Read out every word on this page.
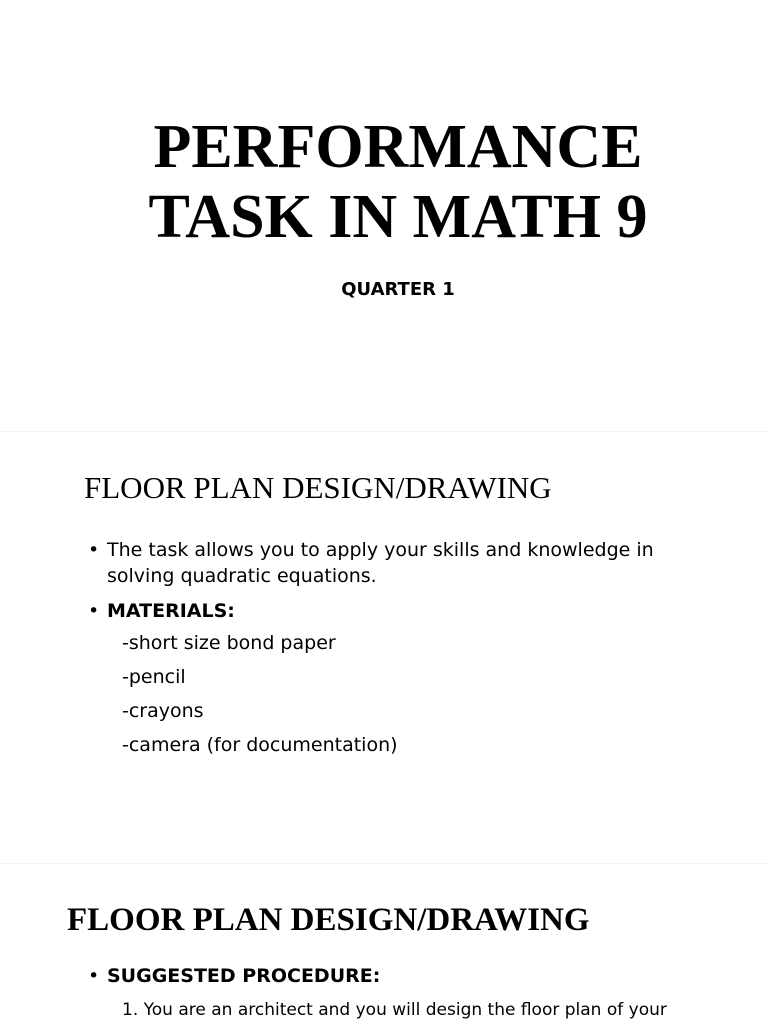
PERFORMANCE
TASK IN MATH 9

QUARTER 1

FLOOR PLAN DESIGN/DRAWING

• The task allows you to apply your skills and knowledge in solving quadratic equations.

• MATERIALS:

-short size bond paper

-pencil

-crayons

-camera (for documentation)

FLOOR PLAN DESIGN/DRAWING

• SUGGESTED PROCEDURE:

1. You are an architect and you will design the floor plan of your
